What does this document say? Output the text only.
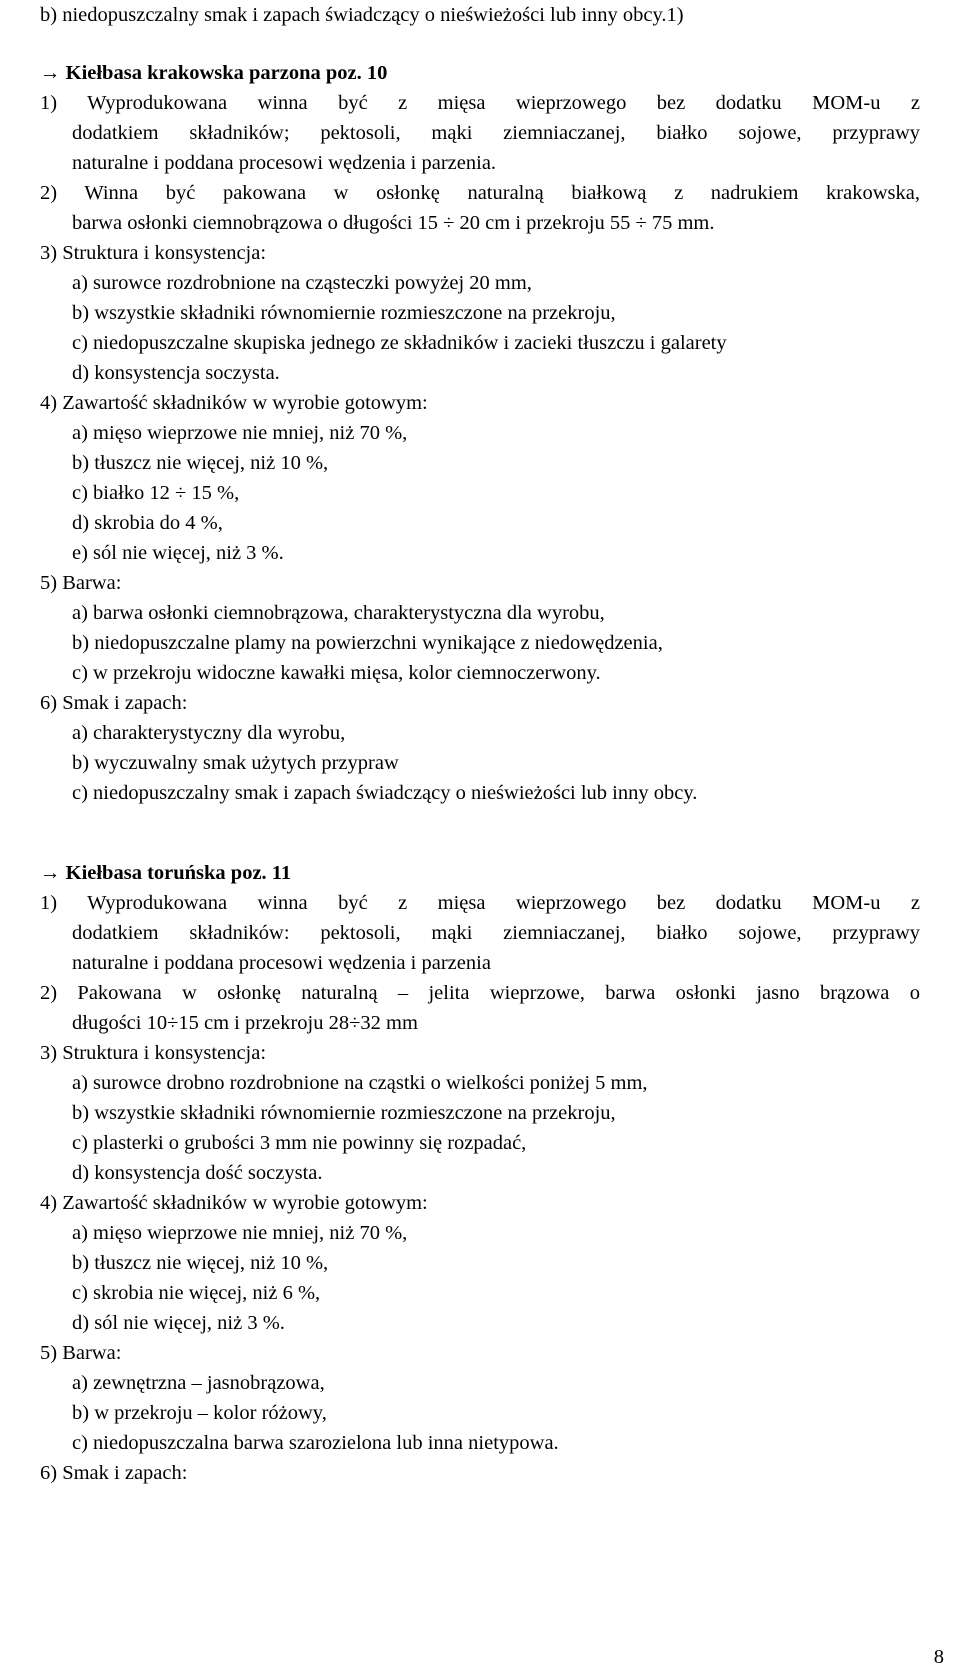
b) niedopuszczalny smak i zapach świadczący o nieświeżości lub inny obcy.1)
→ Kiełbasa krakowska parzona poz. 10
1) Wyprodukowana winna być z mięsa wieprzowego bez dodatku MOM-u z
dodatkiem składników; pektosoli, mąki ziemniaczanej, białko sojowe, przyprawy
naturalne i poddana procesowi wędzenia i parzenia.
2) Winna być pakowana w osłonkę naturalną białkową z nadrukiem krakowska,
barwa osłonki ciemnobrązowa o długości 15 ÷ 20 cm i przekroju 55 ÷ 75 mm.
3) Struktura i konsystencja:
a) surowce rozdrobnione na cząsteczki powyżej 20 mm,
b) wszystkie składniki równomiernie rozmieszczone na przekroju,
c) niedopuszczalne skupiska jednego ze składników i zacieki tłuszczu i galarety
d) konsystencja soczysta.
4) Zawartość składników w wyrobie gotowym:
a) mięso wieprzowe nie mniej, niż 70 %,
b) tłuszcz nie więcej, niż 10 %,
c) białko 12 ÷ 15 %,
d) skrobia do 4 %,
e) sól nie więcej, niż 3 %.
5) Barwa:
a) barwa osłonki ciemnobrązowa, charakterystyczna dla wyrobu,
b) niedopuszczalne plamy na powierzchni wynikające z niedowędzenia,
c) w przekroju widoczne kawałki mięsa, kolor ciemnoczerwony.
6) Smak i zapach:
a) charakterystyczny dla wyrobu,
b) wyczuwalny smak użytych przypraw
c) niedopuszczalny smak i zapach świadczący o nieświeżości lub inny obcy.
→ Kiełbasa toruńska poz. 11
1) Wyprodukowana winna być z mięsa wieprzowego bez dodatku MOM-u z
dodatkiem składników: pektosoli, mąki ziemniaczanej, białko sojowe, przyprawy
naturalne i poddana procesowi wędzenia i parzenia
2) Pakowana w osłonkę naturalną – jelita wieprzowe, barwa osłonki jasno brązowa o
długości 10÷15 cm i przekroju 28÷32 mm
3) Struktura i konsystencja:
a) surowce drobno rozdrobnione na cząstki o wielkości poniżej 5 mm,
b) wszystkie składniki równomiernie rozmieszczone na przekroju,
c) plasterki o grubości 3 mm nie powinny się rozpadać,
d) konsystencja dość soczysta.
4) Zawartość składników w wyrobie gotowym:
a) mięso wieprzowe nie mniej, niż 70 %,
b) tłuszcz nie więcej, niż 10 %,
c) skrobia nie więcej, niż 6 %,
d) sól nie więcej, niż 3 %.
5) Barwa:
a) zewnętrzna – jasnobrązowa,
b) w przekroju – kolor różowy,
c) niedopuszczalna barwa szarozielona lub inna nietypowa.
6) Smak i zapach:
8
